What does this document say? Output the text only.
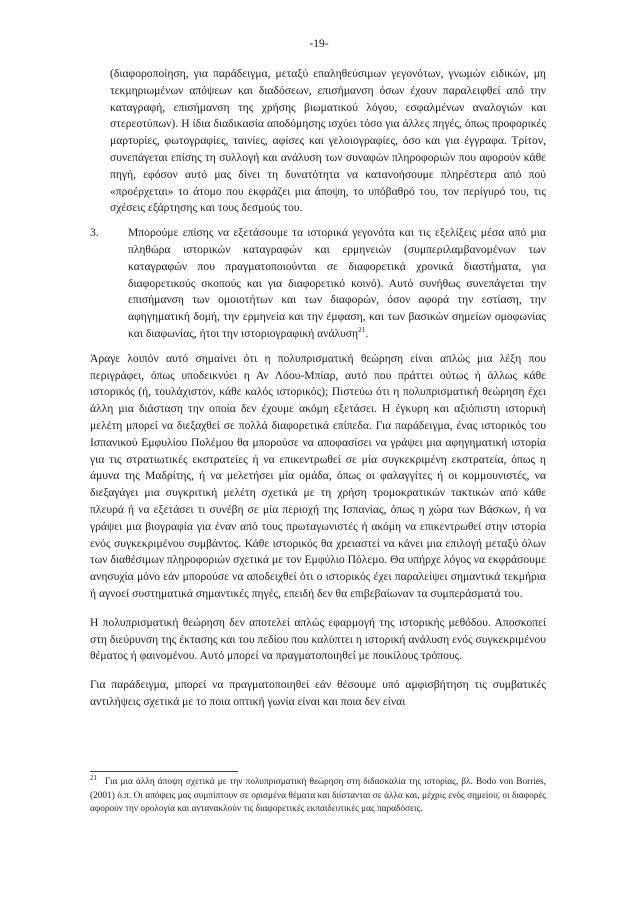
-19-

(διαφοροποίηση, για παράδειγμα, μεταξύ επαληθεύσιμων γεγονότων, γνωμών ειδικών, μη τεκμηριωμένων απόψεων και διαδόσεων, επισήμανση όσων έχουν παραλειφθεί από την καταγραφή, επισήμανση της χρήσης βιωματικού λόγου, εσφαλμένων αναλογιών και στερεοτύπων). Η ίδια διαδικασία αποδόμησης ισχύει τόσο για άλλες πηγές, όπως προφορικές μαρτυρίες, φωτογραφίες, ταινίες, αφίσες και γελοιογραφίες, όσο και για έγγραφα. Τρίτον, συνεπάγεται επίσης τη συλλογή και ανάλυση των συναφών πληροφοριών που αφορούν κάθε πηγή, εφόσον αυτό μας δίνει τη δυνατότητα να κατανοήσουμε πληρέστερα από πού «προέρχεται» το άτομο που εκφράζει μια άποψη, το υπόβαθρό του, τον περίγυρό του, τις σχέσεις εξάρτησης και τους δεσμούς του.

3.	Μπορούμε επίσης να εξετάσουμε τα ιστορικά γεγονότα και τις εξελίξεις μέσα από μια πληθώρα ιστορικών καταγραφών και ερμηνειών (συμπεριλαμβανομένων των καταγραφών που πραγματοποιούνται σε διαφορετικά χρονικά διαστήματα, για διαφορετικούς σκοπούς και για διαφορετικό κοινό). Αυτό συνήθως συνεπάγεται την επισήμανση των ομοιοτήτων και των διαφορών, όσον αφορά την εστίαση, την αφηγηματική δομή, την ερμηνεία και την έμφαση, και των βασικών σημείων ομοφωνίας και διαφωνίας, ήτοι την ιστοριογραφική ανάλυση$^{21}$.

Άραγε λοιπόν αυτό σημαίνει ότι η πολυπρισματική θεώρηση είναι απλώς μια λέξη που περιγράφει, όπως υποδεικνύει η Αν Λόου-Μπίαρ, αυτό που πράττει ούτως ή άλλως κάθε ιστορικός (ή, τουλάχιστον, κάθε καλός ιστορικός); Πιστεύω ότι η πολυπρισματική θεώρηση έχει άλλη μια διάσταση την οποία δεν έχουμε ακόμη εξετάσει. Η έγκυρη και αξιόπιστη ιστορική μελέτη μπορεί να διεξαχθεί σε πολλά διαφορετικά επίπεδα. Για παράδειγμα, ένας ιστορικός του Ισπανικού Εμφυλίου Πολέμου θα μπορούσε να αποφασίσει να γράψει μια αφηγηματική ιστορία για τις στρατιωτικές εκστρατείες ή να επικεντρωθεί σε μία συγκεκριμένη εκστρατεία, όπως η άμυνα της Μαδρίτης, ή να μελετήσει μία ομάδα, όπως οι φαλαγγίτες ή οι κομμουνιστές, να διεξαγάγει μια συγκριτική μελέτη σχετικά με τη χρήση τρομοκρατικών τακτικών από κάθε πλευρά ή να εξετάσει τι συνέβη σε μία περιοχή της Ισπανίας, όπως η χώρα των Βάσκων, ή να γράψει μια βιογραφία για έναν από τους πρωταγωνιστές ή ακόμη να επικεντρωθεί στην ιστορία ενός συγκεκριμένου συμβάντος. Κάθε ιστορικός θα χρειαστεί να κάνει μια επιλογή μεταξύ όλων των διαθέσιμων πληροφοριών σχετικά με τον Εμφύλιο Πόλεμο. Θα υπήρχε λόγος να εκφράσουμε ανησυχία μόνο εάν μπορούσε να αποδειχθεί ότι ο ιστορικός έχει παραλείψει σημαντικά τεκμήρια ή αγνοεί συστηματικά σημαντικές πηγές, επειδή δεν θα επιβεβαίωναν τα συμπεράσματά του.

Η πολυπρισματική θεώρηση δεν αποτελεί απλώς εφαρμογή της ιστορικής μεθόδου. Αποσκοπεί στη διεύρυνση της έκτασης και του πεδίου που καλύπτει η ιστορική ανάλυση ενός συγκεκριμένου θέματος ή φαινομένου. Αυτό μπορεί να πραγματοποιηθεί με ποικίλους τρόπους.

Για παράδειγμα, μπορεί να πραγματοποιηθεί εάν θέσουμε υπό αμφισβήτηση τις συμβατικές αντιλήψεις σχετικά με το ποια οπτική γωνία είναι και ποια δεν είναι

$^{21}$ Για μια άλλη άποψη σχετικά με την πολυπρισματική θεώρηση στη διδασκαλία της ιστορίας, βλ. Bodo von Borries, (2001) ό.π. Οι απόψεις μας συμπίπτουν σε ορισμένα θέματα και διίστανται σε άλλα και, μέχρις ενός σημείου, οι διαφορές αφορούν την ορολογία και αντανακλούν τις διαφορετικές εκπαιδευτικές μας παραδόσεις.
